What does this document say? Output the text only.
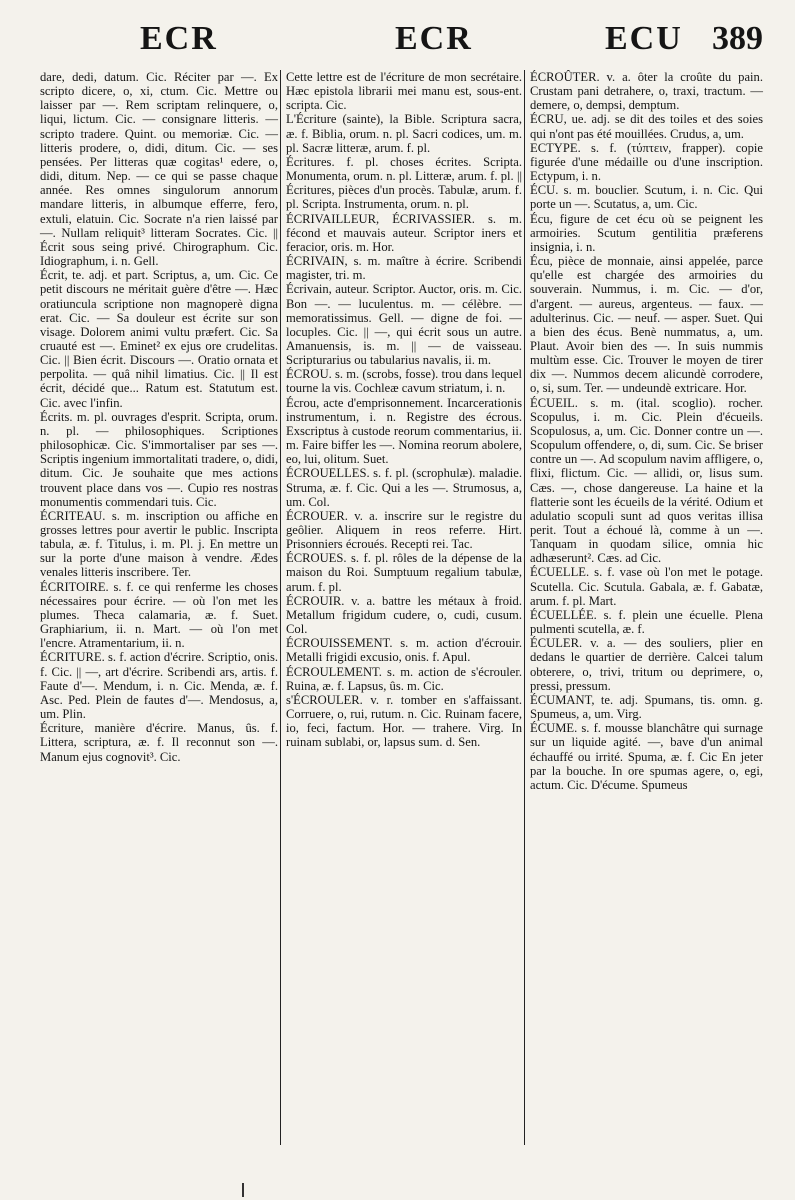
ECR	ECR	ECU 389

dare, dedi, datum. Cic. Réciter par —. Ex scripto dicere, o, xi, ctum. Cic. Mettre ou laisser par —. Rem scriptam relinquere, o, liqui, lictum. Cic. — consignare litteris. — scripto tradere. Quint. ou memoriæ. Cic. — litteris prodere, o, didi, ditum. Cic. — ses pensées. Per litteras quæ cogitas¹ edere, o, didi, ditum. Nep. — ce qui se passe chaque année. Res omnes singulorum annorum mandare litteris, in albumque efferre, fero, extuli, elatuin. Cic. Socrate n'a rien laissé par—. Nullam reliquit³ litteram Socrates. Cic. || Écrit sous seing privé. Chirographum. Cic. Idiographum, i. n. Gell.

Écrit, te. adj. et part. Scriptus, a, um. Cic. Ce petit discours ne méritait guère d'être —. Hæc oratiuncula scriptione non magnoperè digna erat. Cic. — Sa douleur est écrite sur son visage. Dolorem animi vultu præfert. Cic. Sa cruauté est —. Eminet² ex ejus ore crudelitas. Cic. || Bien écrit. Discours —. Oratio ornata et perpolita. — quâ nihil limatius. Cic. || Il est écrit, décidé que... Ratum est. Statutum est. Cic. avec l'infin.

Écrits. m. pl. ouvrages d'esprit. Scripta, orum. n. pl. — philosophiques. Scriptiones philosophicæ. Cic. S'immortaliser par ses —. Scriptis ingenium immortalitati tradere, o, didi, ditum. Cic. Je souhaite que mes actions trouvent place dans vos —. Cupio res nostras monumentis commendari tuis. Cic.

ÉCRITEAU. s. m. inscription ou affiche en grosses lettres pour avertir le public. Inscripta tabula, æ. f. Titulus, i. m. Pl. j. En mettre un sur la porte d'une maison à vendre. Ædes venales litteris inscribere. Ter.

ÉCRITOIRE. s. f. ce qui renferme les choses nécessaires pour écrire. — où l'on met les plumes. Theca calamaria, æ. f. Suet. Graphiarium, ii. n. Mart. — où l'on met l'encre. Atramentarium, ii. n.

ÉCRITURE. s. f. action d'écrire. Scriptio, onis. f. Cic. || —, art d'écrire. Scribendi ars, artis. f. Faute d'—. Mendum, i. n. Cic. Menda, æ. f. Asc. Ped. Plein de fautes d'—. Mendosus, a, um. Plin.

Écriture, manière d'écrire. Manus, ûs. f. Littera, scriptura, æ. f. Il reconnut son —. Manum ejus cognovit³. Cic.

Cette lettre est de l'écriture de mon secrétaire. Hæc epistola librarii mei manu est, sous-ent. scripta. Cic.

L'Écriture (sainte), la Bible. Scriptura sacra, æ. f. Biblia, orum. n. pl. Sacri codices, um. m. pl. Sacræ litteræ, arum. f. pl.

Écritures. f. pl. choses écrites. Scripta. Monumenta, orum. n. pl. Litteræ, arum. f. pl. || Écritures, pièces d'un procès. Tabulæ, arum. f. pl. Scripta. Instrumenta, orum. n. pl.

ÉCRIVAILLEUR, ÉCRIVASSIER. s. m. fécond et mauvais auteur. Scriptor iners et feracior, oris. m. Hor.

ÉCRIVAIN, s. m. maître à écrire. Scribendi magister, tri. m.

Écrivain, auteur. Scriptor. Auctor, oris. m. Cic. Bon —. — luculentus. m. — célèbre. — memoratissimus. Gell. — digne de foi. — locuples. Cic. || —, qui écrit sous un autre. Amanuensis, is. m. || — de vaisseau. Scripturarius ou tabularius navalis, ii. m.

ÉCROU. s. m. (scrobs, fosse). trou dans lequel tourne la vis. Cochleæ cavum striatum, i. n.

Écrou, acte d'emprisonnement. Incarcerationis instrumentum, i. n. Registre des écrous. Exscriptus à custode reorum commentarius, ii. m. Faire biffer les —. Nomina reorum abolere, eo, lui, olitum. Suet.

ÉCROUELLES. s. f. pl. (scrophulæ). maladie. Struma, æ. f. Cic. Qui a les —. Strumosus, a, um. Col.

ÉCROUER. v. a. inscrire sur le registre du geôlier. Aliquem in reos referre. Hirt. Prisonniers écroués. Recepti rei. Tac.

ÉCROUES. s. f. pl. rôles de la dépense de la maison du Roi. Sumptuum regalium tabulæ, arum. f. pl.

ÉCROUIR. v. a. battre les métaux à froid. Metallum frigidum cudere, o, cudi, cusum. Col.

ÉCROUISSEMENT. s. m. action d'écrouir. Metalli frigidi excusio, onis. f. Apul.

ÉCROULEMENT. s. m. action de s'écrouler. Ruina, æ. f. Lapsus, ûs. m. Cic.

s'ÉCROULER. v. r. tomber en s'affaissant. Corruere, o, rui, rutum. n. Cic. Ruinam facere, io, feci, factum. Hor. — trahere. Virg. In ruinam sublabi, or, lapsus sum. d. Sen.

ÉCROÛTER. v. a. ôter la croûte du pain. Crustam pani detrahere, o, traxi, tractum. — demere, o, dempsi, demptum.

ÉCRU, ue. adj. se dit des toiles et des soies qui n'ont pas été mouillées. Crudus, a, um.

ECTYPE. s. f. (τύπτειν, frapper). copie figurée d'une médaille ou d'une inscription. Ectypum, i. n.

ÉCU. s. m. bouclier. Scutum, i. n. Cic. Qui porte un —. Scutatus, a, um. Cic.

Écu, figure de cet écu où se peignent les armoiries. Scutum gentilitia præferens insignia, i. n.

Écu, pièce de monnaie, ainsi appelée, parce qu'elle est chargée des armoiries du souverain. Nummus, i. m. Cic. — d'or, d'argent. — aureus, argenteus. — faux. — adulterinus. Cic. — neuf. — asper. Suet. Qui a bien des écus. Benè nummatus, a, um. Plaut. Avoir bien des —. In suis nummis multùm esse. Cic. Trouver le moyen de tirer dix —. Nummos decem alicundè corrodere, o, si, sum. Ter. — undeundè extricare. Hor.

ÉCUEIL. s. m. (ital. scoglio). rocher. Scopulus, i. m. Cic. Plein d'écueils. Scopulosus, a, um. Cic. Donner contre un —. Scopulum offendere, o, di, sum. Cic. Se briser contre un —. Ad scopulum navim affligere, o, flixi, flictum. Cic. — allidi, or, lisus sum. Cæs. —, chose dangereuse. La haine et la flatterie sont les écueils de la vérité. Odium et adulatio scopuli sunt ad quos veritas illisa perit. Tout a échoué là, comme à un —. Tanquam in quodam silice, omnia hic adhæserunt². Cæs. ad Cic.

ÉCUELLE. s. f. vase où l'on met le potage. Scutella. Cic. Scutula. Gabala, æ. f. Gabatæ, arum. f. pl. Mart.

ÉCUELLÉE. s. f. plein une écuelle. Plena pulmenti scutella, æ. f.

ÉCULER. v. a. — des souliers, plier en dedans le quartier de derrière. Calcei talum obterere, o, trivi, tritum ou deprimere, o, pressi, pressum.

ÉCUMANT, te. adj. Spumans, tis. omn. g. Spumeus, a, um. Virg.

ÉCUME. s. f. mousse blanchâtre qui surnage sur un liquide agité. —, bave d'un animal échauffé ou irrité. Spuma, æ. f. Cic En jeter par la bouche. In ore spumas agere, o, egi, actum. Cic. D'écume. Spumeus
